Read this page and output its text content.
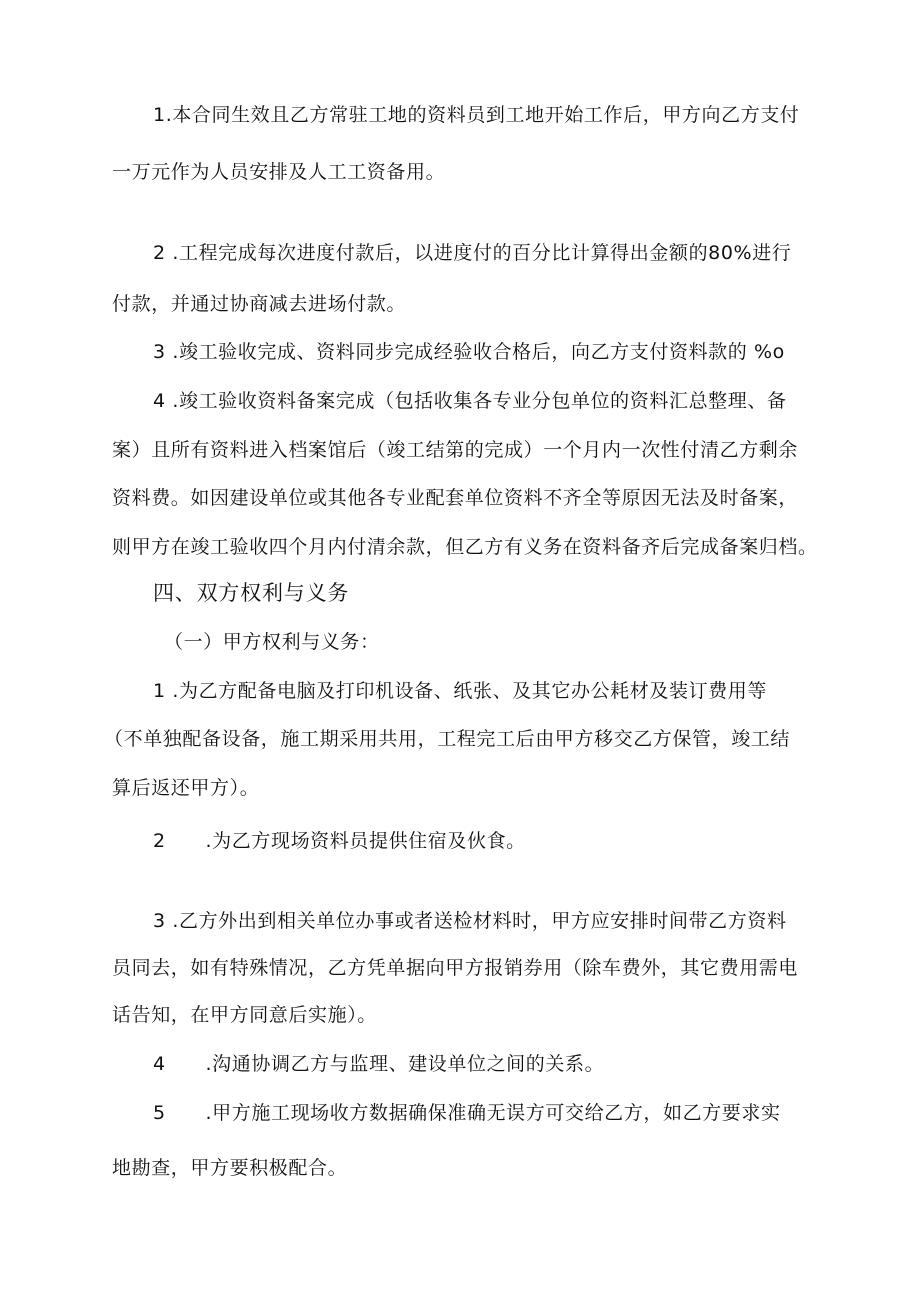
1.本合同生效且乙方常驻工地的资料员到工地开始工作后，甲方向乙方支付
一万元作为人员安排及人工工资备用。
2 .工程完成每次进度付款后，以进度付的百分比计算得出金额的80%进行
付款，并通过协商减去进场付款。
3 .竣工验收完成、资料同步完成经验收合格后，向乙方支付资料款的 %o
4 .竣工验收资料备案完成（包括收集各专业分包单位的资料汇总整理、备
案）且所有资料进入档案馆后（竣工结第的完成）一个月内一次性付清乙方剩余
资料费。如因建设单位或其他各专业配套单位资料不齐全等原因无法及时备案，
则甲方在竣工验收四个月内付清余款，但乙方有义务在资料备齐后完成备案归档。
四、双方权利与义务
（一）甲方权利与义务：
1 .为乙方配备电脑及打印机设备、纸张、及其它办公耗材及装订费用等
（不单独配备设备，施工期采用共用，工程完工后由甲方移交乙方保管，竣工结
算后返还甲方）。
2      .为乙方现场资料员提供住宿及伙食。
3 .乙方外出到相关单位办事或者送检材料时，甲方应安排时间带乙方资料
员同去，如有特殊情况，乙方凭单据向甲方报销券用（除车费外，其它费用需电
话告知，在甲方同意后实施）。
4      .沟通协调乙方与监理、建设单位之间的关系。
5      .甲方施工现场收方数据确保准确无误方可交给乙方，如乙方要求实
地勘查，甲方要积极配合。
